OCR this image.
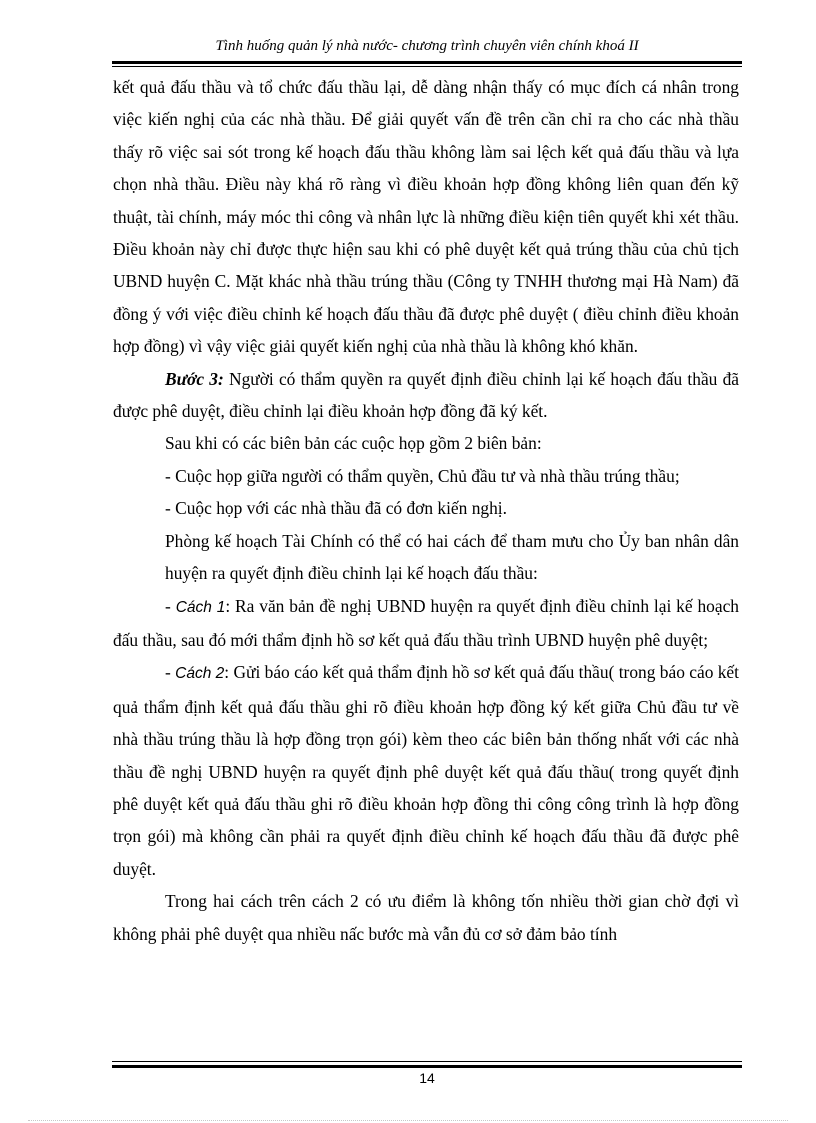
Tình huống quản lý nhà nước- chương trình chuyên viên chính khoá II

kết quả đấu thầu và tổ chức đấu thầu lại, dễ dàng nhận thấy có mục đích cá nhân trong việc kiến nghị của các nhà thầu. Để giải quyết vấn đề trên cần chỉ ra cho các nhà thầu thấy rõ việc sai sót trong kế hoạch đấu thầu không làm sai lệch kết quả đấu thầu và lựa chọn nhà thầu. Điều này khá rõ ràng vì điều khoản hợp đồng không liên quan đến kỹ thuật, tài chính, máy móc thi công và nhân lực là những điều kiện tiên quyết khi xét thầu. Điều khoản này chỉ được thực hiện sau khi có phê duyệt kết quả trúng thầu của chủ tịch UBND huyện C. Mặt khác nhà thầu trúng thầu (Công ty TNHH thương mại Hà Nam) đã đồng ý với việc điều chỉnh kế hoạch đấu thầu đã được phê duyệt ( điều chỉnh điều khoản hợp đồng) vì vậy việc giải quyết kiến nghị của nhà thầu là không khó khăn.

Bước 3: Người có thẩm quyền ra quyết định điều chỉnh lại kế hoạch đấu thầu đã được phê duyệt, điều chỉnh lại điều khoản hợp đồng đã ký kết.

Sau khi có các biên bản các cuộc họp gồm 2 biên bản:

- Cuộc họp giữa người có thẩm quyền, Chủ đầu tư và nhà thầu trúng thầu;

- Cuộc họp với các nhà thầu đã có đơn kiến nghị.

Phòng kế hoạch Tài Chính có thể có hai cách để tham mưu cho Ủy ban nhân dân huyện ra quyết định điều chỉnh lại kế hoạch đấu thầu:

- Cách 1: Ra văn bản đề nghị UBND huyện ra quyết định điều chỉnh lại kế hoạch đấu thầu, sau đó mới thẩm định hồ sơ kết quả đấu thầu trình UBND huyện phê duyệt;

- Cách 2: Gửi báo cáo kết quả thẩm định hồ sơ kết quả đấu thầu( trong báo cáo kết quả thẩm định kết quả đấu thầu ghi rõ điều khoản hợp đồng ký kết giữa Chủ đầu tư về nhà thầu trúng thầu là hợp đồng trọn gói) kèm theo các biên bản thống nhất với các nhà thầu đề nghị UBND huyện ra quyết định phê duyệt kết quả đấu thầu( trong quyết định phê duyệt kết quả đấu thầu ghi rõ điều khoản hợp đồng thi công công trình là hợp đồng trọn gói) mà không cần phải ra quyết định điều chỉnh kế hoạch đấu thầu đã được phê duyệt.

Trong hai cách trên cách 2 có ưu điểm là không tốn nhiều thời gian chờ đợi vì không phải phê duyệt qua nhiều nấc bước mà vẫn đủ cơ sở đảm bảo tính

14
